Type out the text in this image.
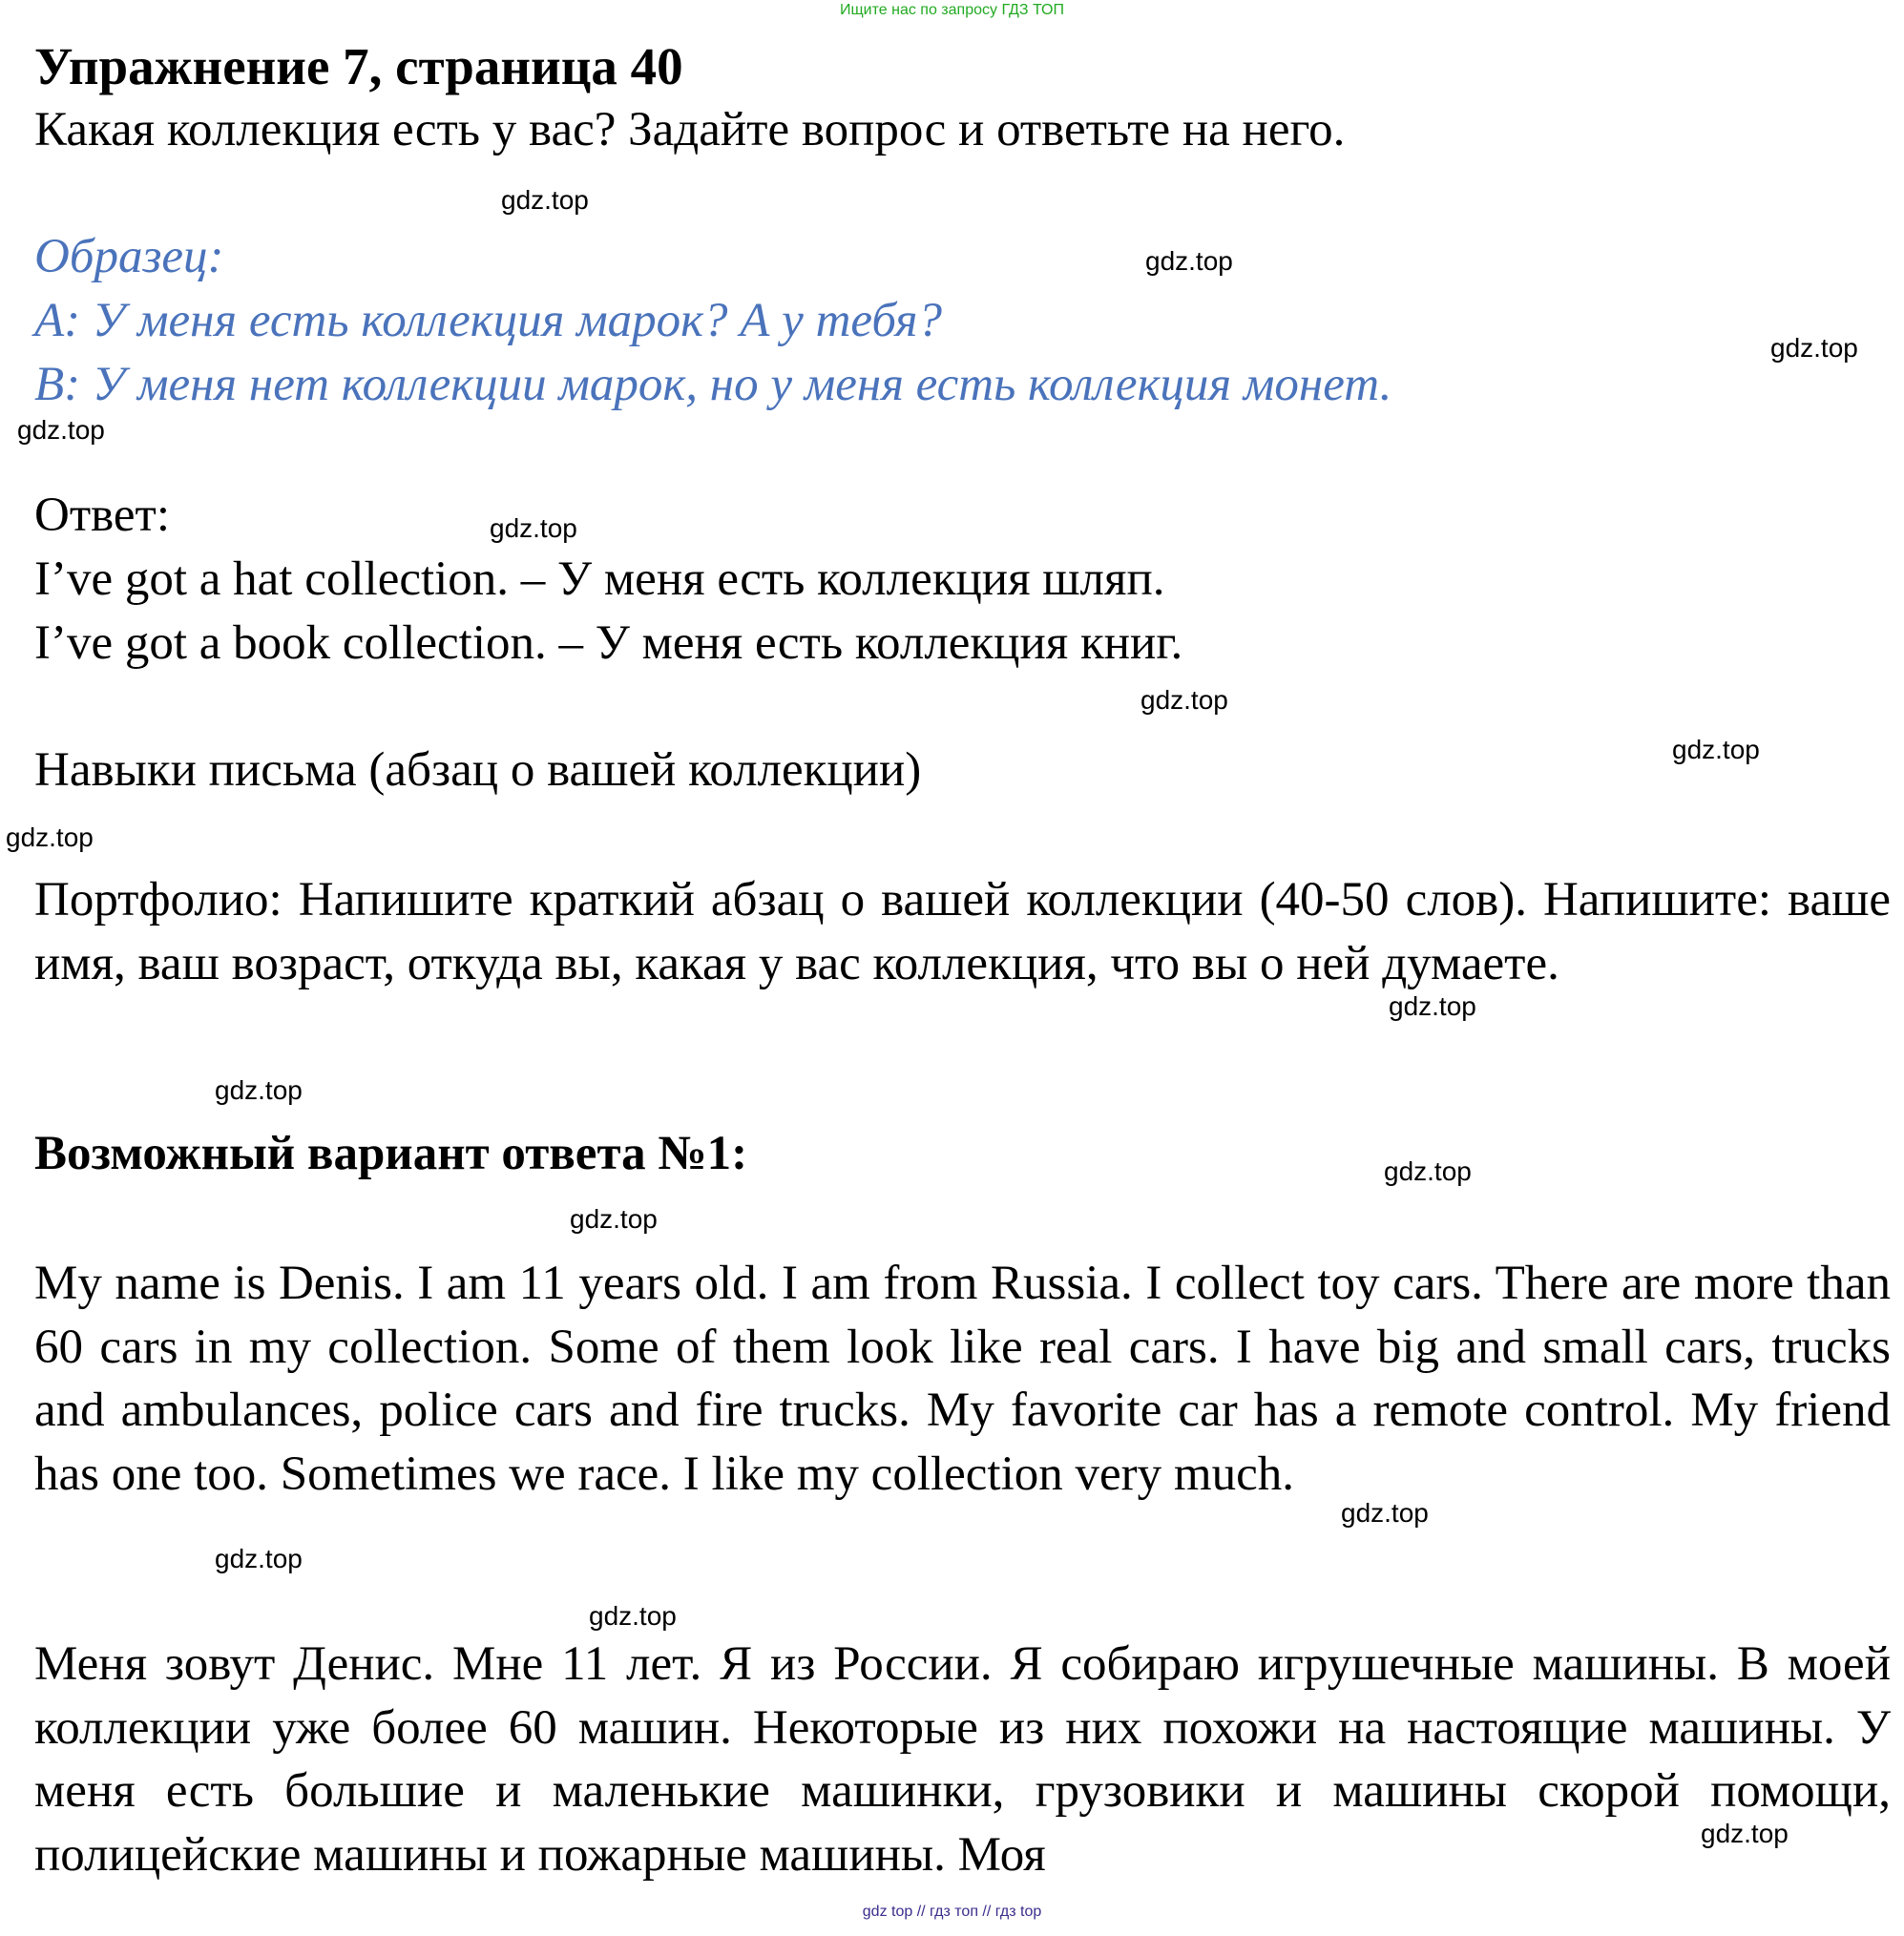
Ищите нас по запросу ГДЗ ТОП
Упражнение 7, страница 40
Какая коллекция есть у вас? Задайте вопрос и ответьте на него.
Образец:
A: У меня есть коллекция марок? А у тебя?
B: У меня нет коллекции марок, но у меня есть коллекция монет.
Ответ:
I’ve got a hat collection. – У меня есть коллекция шляп.
I’ve got a book collection. – У меня есть коллекция книг.
Навыки письма (абзац о вашей коллекции)
Портфолио: Напишите краткий абзац о вашей коллекции (40-50 слов). Напишите: ваше имя, ваш возраст, откуда вы, какая у вас коллекция, что вы о ней думаете.
Возможный вариант ответа №1:
My name is Denis. I am 11 years old. I am from Russia. I collect toy cars. There are more than 60 cars in my collection. Some of them look like real cars. I have big and small cars, trucks and ambulances, police cars and fire trucks. My favorite car has a remote control. My friend has one too. Sometimes we race. I like my collection very much.
Меня зовут Денис. Мне 11 лет. Я из России. Я собираю игрушечные машины. В моей коллекции уже более 60 машин. Некоторые из них похожи на настоящие машины. У меня есть большие и маленькие машинки, грузовики и машины скорой помощи, полицейские машины и пожарные машины. Моя
gdz.top
gdz.top
gdz.top
gdz.top
gdz.top
gdz.top
gdz.top
gdz.top
gdz.top
gdz.top
gdz.top
gdz.top
gdz.top
gdz.top
gdz.top
gdz.top
gdz top // гдз топ // гдз top
